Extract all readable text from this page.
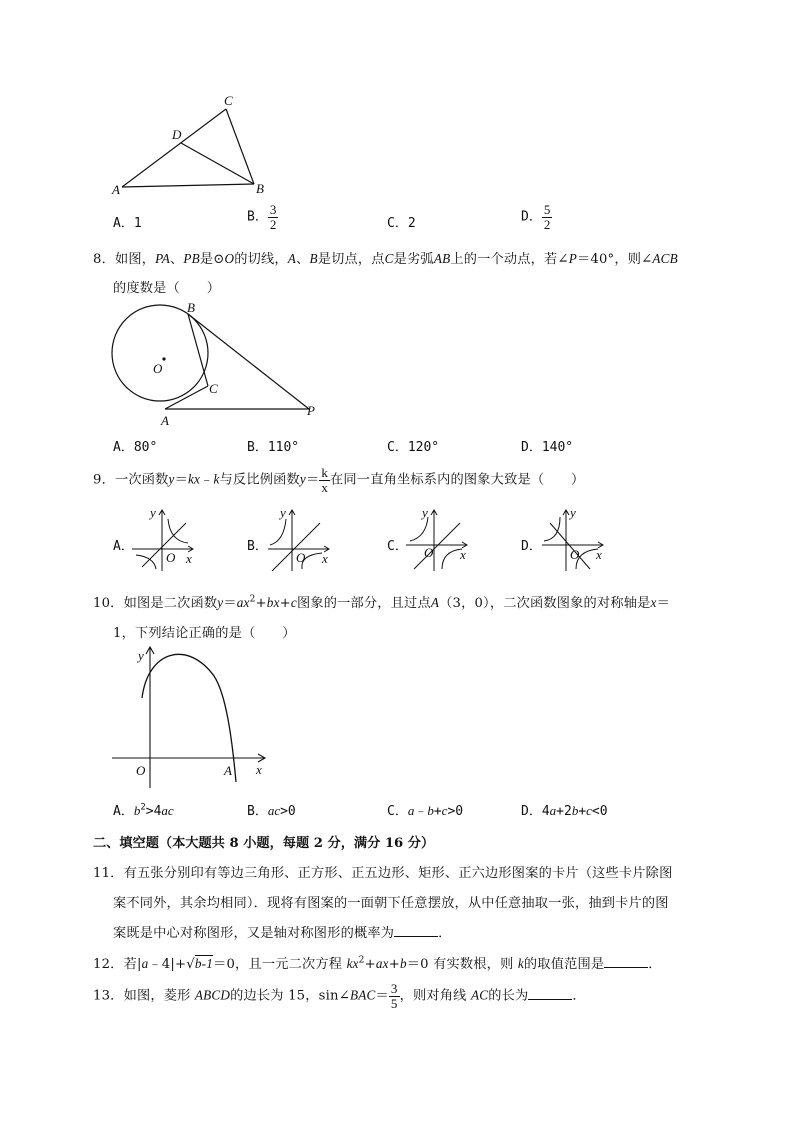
A	B
C
D
A．1	B． $\frac{3}{2}$	C．2	D． $\frac{5}{2}$
8．如图，PA、PB是⊙O的切线，A、B是切点，点C是劣弧AB上的一个动点，若∠P＝40°，则∠ACB
的度数是（　　）
B
O
C
A
P
A．80°	B．110°	C．120°	D．140°
9．一次函数y＝kx﹣k与反比例函数$y= \frac{k}{x}$ 在同一直角坐标系内的图象大致是（　　）
A．
y
x
O
B．
y
x
O
C．
y
x
O	D．
y
x
O
10．如图是二次函数$y=ax^2+bx+c$图象的一部分，且过点A（3，0），二次函数图象的对称轴是x＝
1，下列结论正确的是（　　）
y
x
O	A
A．$b^2>4ac$	B．ac>0	C．a﹣b+c>0	D．4a+2b+c<0
二、填空题（本大题共 8 小题，每题 2 分，满分 16 分）
11．有五张分别印有等边三角形、正方形、正五边形、矩形、正六边形图案的卡片（这些卡片除图
案不同外，其余均相同）．现将有图案的一面朝下任意摆放，从中任意抽取一张，抽到卡片的图
案既是中心对称图形，又是轴对称图形的概率为	．
12．若|a﹣4|+√b-1＝0，且一元二次方程 $kx^2+ax+b=0$ 有实数根，则 k的取值范围是	．
13．如图，菱形 ABCD的边长为 15，sin∠BAC＝ $\frac{3}{5}$ ，则对角线 AC的长为	．
